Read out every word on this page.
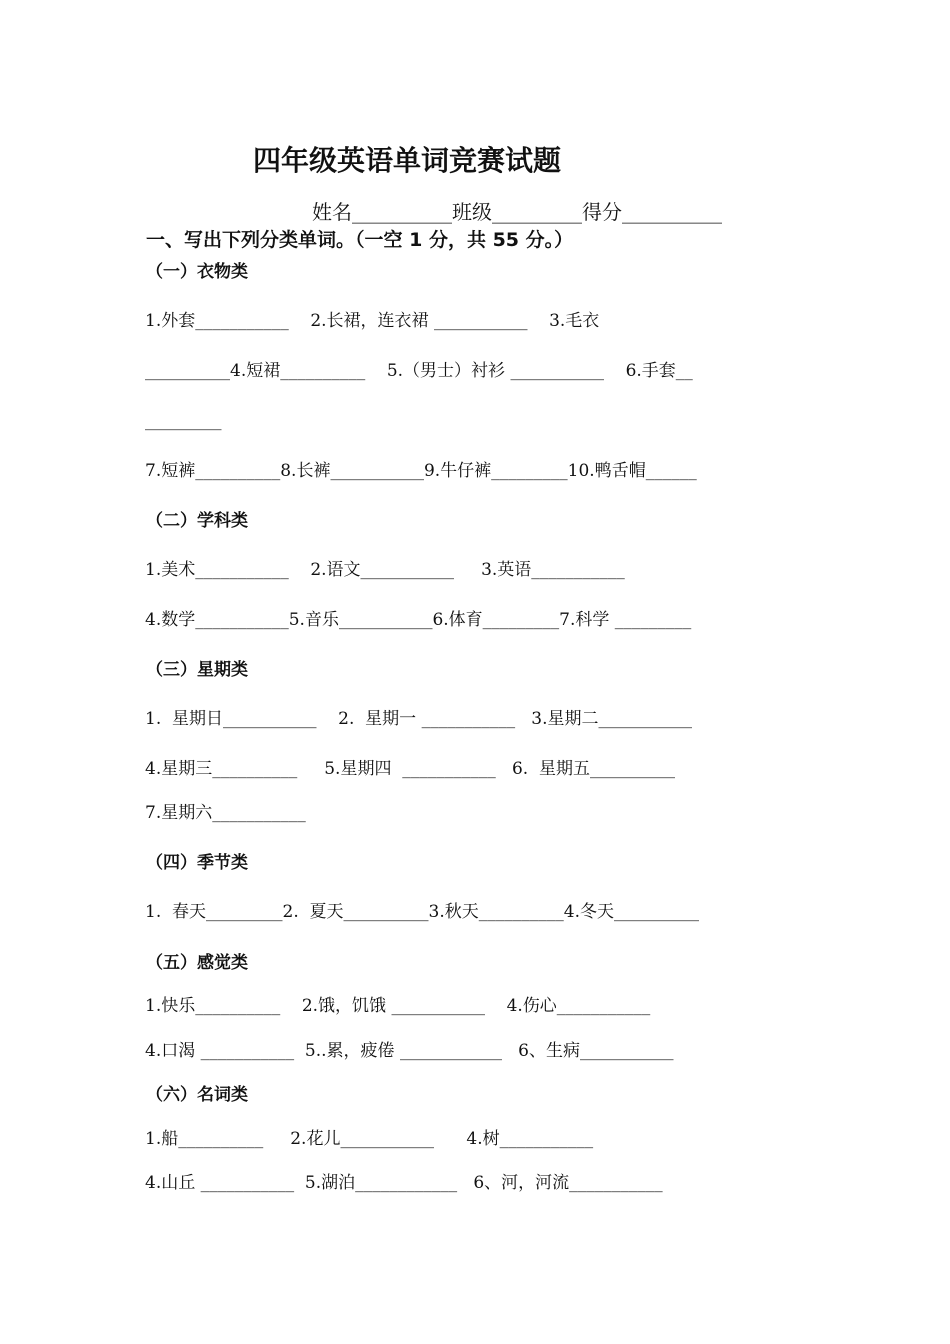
四年级英语单词竞赛试题
姓名__________班级_________得分__________
一、写出下列分类单词。（一空 1 分，共 55 分。）
（一）衣物类
1.外套___________    2.长裙，连衣裙 ___________    3.毛衣
__________4.短裙__________    5.（男士）衬衫 ___________    6.手套__
_________
7.短裤__________8.长裤___________9.牛仔裤_________10.鸭舌帽______
（二）学科类
1.美术___________    2.语文___________     3.英语___________
4.数学___________5.音乐___________6.体育_________7.科学 _________
（三）星期类
1.  星期日___________    2.  星期一 ___________   3.星期二___________
4.星期三__________     5.星期四  ___________   6.  星期五__________
7.星期六___________
（四）季节类
1.  春天_________2.  夏天__________3.秋天__________4.冬天__________
（五）感觉类
1.快乐__________    2.饿，饥饿 ___________    4.伤心___________
4.口渴 ___________  5..累，疲倦 ____________   6、生病___________
（六）名词类
1.船__________     2.花儿___________      4.树___________
4.山丘 ___________  5.湖泊____________   6、河，河流___________
